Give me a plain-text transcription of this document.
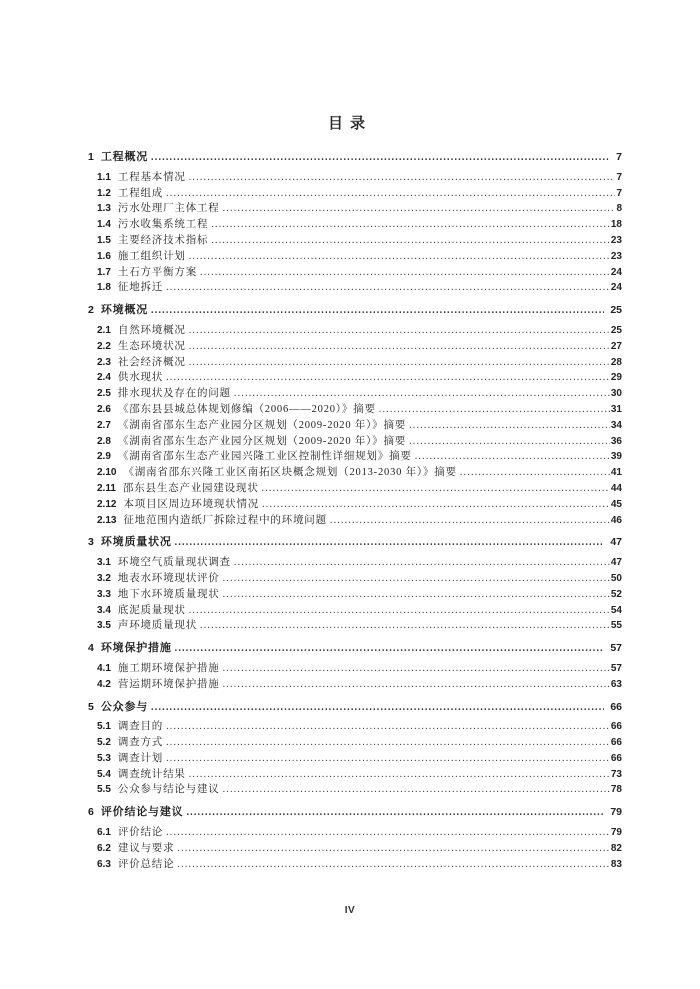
目录
1 工程概况 .....	7
1.1 工程基本情况 .....	7
1.2 工程组成 .....	7
1.3 污水处理厂主体工程 .....	8
1.4 污水收集系统工程 .....	18
1.5 主要经济技术指标 .....	23
1.6 施工组织计划 .....	23
1.7 土石方平衡方案 .....	24
1.8 征地拆迁 .....	24
2 环境概况 .....	25
2.1 自然环境概况 .....	25
2.2 生态环境状况 .....	27
2.3 社会经济概况 .....	28
2.4 供水现状 .....	29
2.5 排水现状及存在的问题 .....	30
2.6 《邵东县县城总体规划修编（2006——2020）》摘要 .....	31
2.7 《湖南省邵东生态产业园分区规划（2009-2020 年）》摘要 .....	34
2.8 《湖南省邵东生态产业园分区规划（2009-2020 年）》摘要 .....	36
2.9 《湖南省邵东生态产业园兴隆工业区控制性详细规划》摘要 .....	39
2.10 《湖南省邵东兴隆工业区南拓区块概念规划（2013-2030 年）》摘要 .....	41
2.11 邵东县生态产业园建设现状 .....	44
2.12 本项目区周边环境现状情况 .....	45
2.13 征地范围内造纸厂拆除过程中的环境问题 .....	46
3 环境质量状况 .....	47
3.1 环境空气质量现状调查 .....	47
3.2 地表水环境现状评价 .....	50
3.3 地下水环境质量现状 .....	52
3.4 底泥质量现状 .....	54
3.5 声环境质量现状 .....	55
4 环境保护措施 .....	57
4.1 施工期环境保护措施 .....	57
4.2 营运期环境保护措施 .....	63
5 公众参与 .....	66
5.1 调查目的 .....	66
5.2 调查方式 .....	66
5.3 调查计划 .....	66
5.4 调查统计结果 .....	73
5.5 公众参与结论与建议 .....	78
6 评价结论与建议 .....	79
6.1 评价结论 .....	79
6.2 建议与要求 .....	82
6.3 评价总结论 .....	83
IV
